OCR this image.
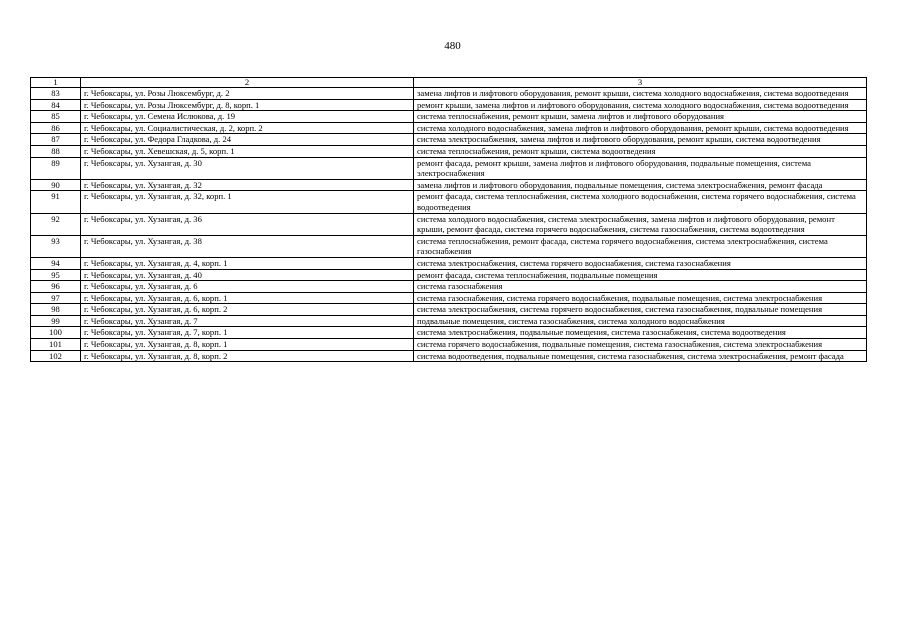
480
1	2	3
83	г. Чебоксары, ул. Розы Люксембург, д. 2	замена лифтов и лифтового оборудования, ремонт крыши, система холодного водоснабжения, система водоотведения
84	г. Чебоксары, ул. Розы Люксембург, д. 8, корп. 1	ремонт крыши, замена лифтов и лифтового оборудования, система холодного водоснабжения, система водоотведения
85	г. Чебоксары, ул. Семена Ислюкова, д. 19	система теплоснабжения, ремонт крыши, замена лифтов и лифтового оборудования
86	г. Чебоксары, ул. Социалистическая, д. 2, корп. 2	система холодного водоснабжения, замена лифтов и лифтового оборудования, ремонт крыши, система водоотведения
87	г. Чебоксары, ул. Федора Гладкова, д. 24	система электроснабжения, замена лифтов и лифтового оборудования, ремонт крыши, система водоотведения
88	г. Чебоксары, ул. Хевешская, д. 5, корп. 1	система теплоснабжения, ремонт крыши, система водоотведения
89	г. Чебоксары, ул. Хузангая, д. 30	ремонт фасада, ремонт крыши, замена лифтов и лифтового оборудования, подвальные помещения, система электроснабжения
90	г. Чебоксары, ул. Хузангая, д. 32	замена лифтов и лифтового оборудования, подвальные помещения, система электроснабжения, ремонт фасада
91	г. Чебоксары, ул. Хузангая, д. 32, корп. 1	ремонт фасада, система теплоснабжения, система холодного водоснабжения, система горячего водоснабжения, система водоотведения
92	г. Чебоксары, ул. Хузангая, д. 36	система холодного водоснабжения, система электроснабжения, замена лифтов и лифтового оборудования, ремонт крыши, ремонт фасада, система горячего водоснабжения, система газоснабжения, система водоотведения
93	г. Чебоксары, ул. Хузангая, д. 38	система теплоснабжения, ремонт фасада, система горячего водоснабжения, система электроснабжения, система газоснабжения
94	г. Чебоксары, ул. Хузангая, д. 4, корп. 1	система электроснабжения, система горячего водоснабжения, система газоснабжения
95	г. Чебоксары, ул. Хузангая, д. 40	ремонт фасада, система теплоснабжения, подвальные помещения
96	г. Чебоксары, ул. Хузангая, д. 6	система газоснабжения
97	г. Чебоксары, ул. Хузангая, д. 6, корп. 1	система газоснабжения, система горячего водоснабжения, подвальные помещения, система электроснабжения
98	г. Чебоксары, ул. Хузангая, д. 6, корп. 2	система электроснабжения, система горячего водоснабжения, система газоснабжения, подвальные помещения
99	г. Чебоксары, ул. Хузангая, д. 7	подвальные помещения, система газоснабжения, система холодного водоснабжения
100	г. Чебоксары, ул. Хузангая, д. 7, корп. 1	система электроснабжения, подвальные помещения, система газоснабжения, система водоотведения
101	г. Чебоксары, ул. Хузангая, д. 8, корп. 1	система горячего водоснабжения, подвальные помещения, система газоснабжения, система электроснабжения
102	г. Чебоксары, ул. Хузангая, д. 8, корп. 2	система водоотведения, подвальные помещения, система газоснабжения, система электроснабжения, ремонт фасада
